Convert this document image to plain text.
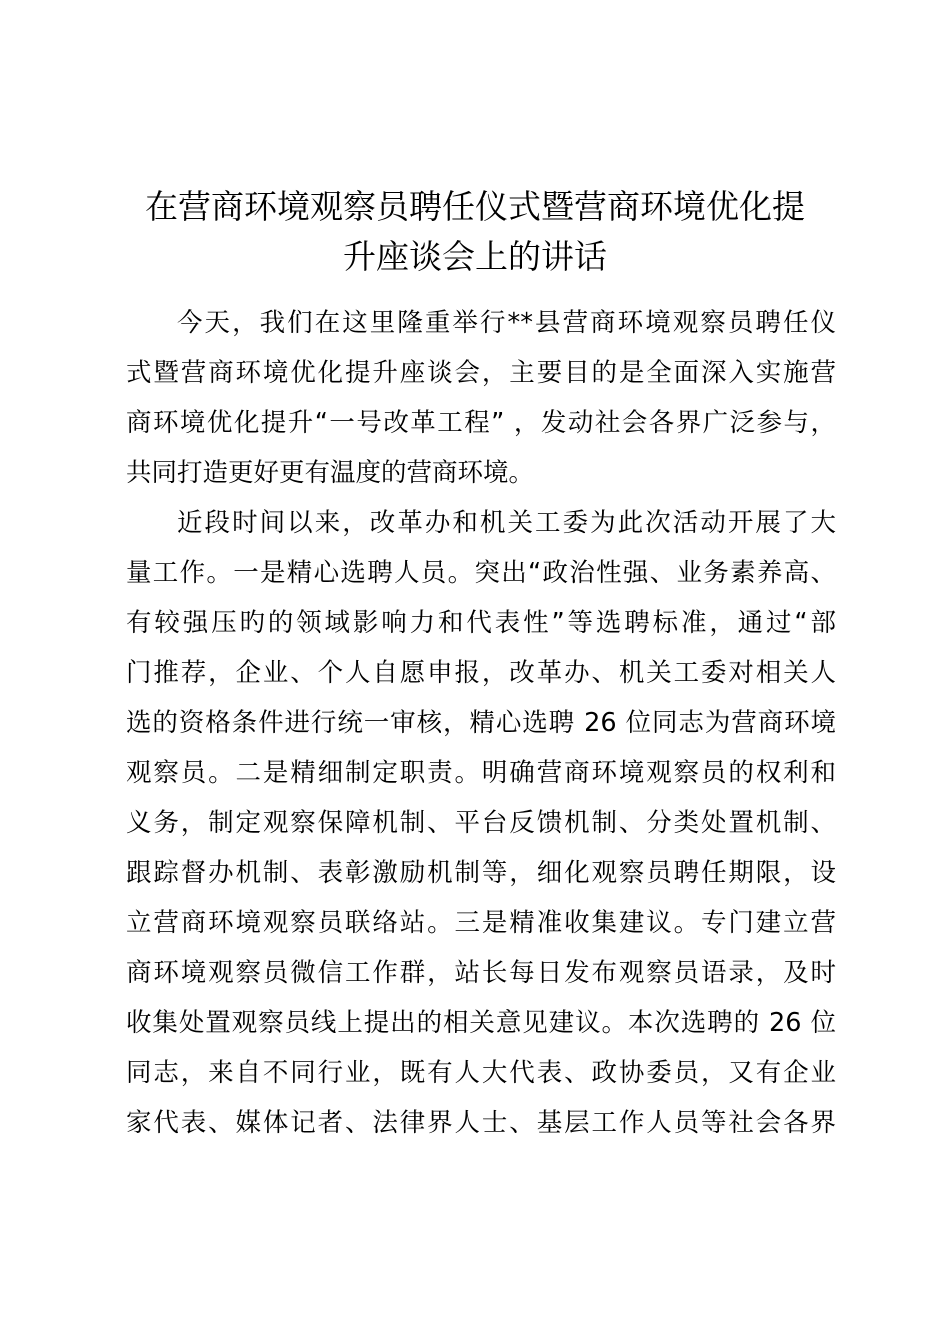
在营商环境观察员聘任仪式暨营商环境优化提
升座谈会上的讲话
今天，我们在这里隆重举行**县营商环境观察员聘任仪
式暨营商环境优化提升座谈会，主要目的是全面深入实施营
商环境优化提升“一号改革工程” ，发动社会各界广泛参与，
共同打造更好更有温度的营商环境。
近段时间以来，改革办和机关工委为此次活动开展了大
量工作。一是精心选聘人员。突出“政治性强、业务素养高、
有较强压旳的领域影响力和代表性”等选聘标准，通过“部
门推荐，企业、个人自愿申报，改革办、机关工委对相关人
选的资格条件进行统一审核，精心选聘 26 位同志为营商环境
观察员。二是精细制定职责。明确营商环境观察员的权利和
义务，制定观察保障机制、平台反馈机制、分类处置机制、
跟踪督办机制、表彰激励机制等，细化观察员聘任期限，设
立营商环境观察员联络站。三是精准收集建议。专门建立营
商环境观察员微信工作群，站长每日发布观察员语录，及时
收集处置观察员线上提出的相关意见建议。本次选聘的 26 位
同志，来自不同行业，既有人大代表、政协委员，又有企业
家代表、媒体记者、法律界人士、基层工作人员等社会各界
